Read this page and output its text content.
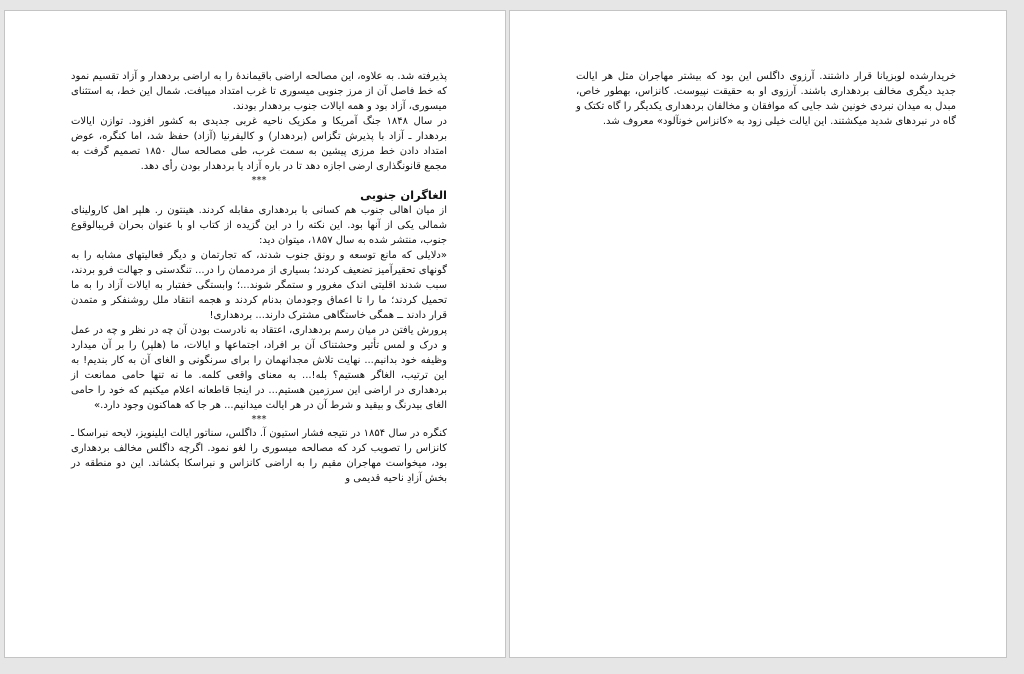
پذیرفته شد. به علاوه، این مصالحه اراضی باقیماندهٔ را به اراضی بردهدار و آزاد تقسیم نمود که خط فاصل آن از مرز جنوبی میسوری تا غرب امتداد مییافت. شمال این خط، به استثنای میسوری، آزاد بود و همه ایالات جنوب بردهدار بودند.

در سال ۱۸۴۸ جنگ آمریکا و مکزیک ناحیه غربی جدیدی به کشور افزود. توازن ایالات بردهدار ـ آزاد با پذیرش تگزاس (بردهدار) و کالیفرنیا (آزاد) حفظ شد، اما کنگره، عوض امتداد دادن خط مرزی پیشین به سمت غرب، طی مصالحه سال ۱۸۵۰ تصمیم گرفت به مجمع قانونگذاری ارضی اجازه دهد تا در باره آزاد یا بردهدار بودن رأی دهد.

***

الغاگران جنوبی

از میان اهالی جنوب هم کسانی با بردهداری مقابله کردند. هینتون ر. هلپر اهل کارولینای شمالی یکی از آنها بود. این نکته را در این گزیده از کتاب او با عنوان بحران قریبالوقوع جنوب، منتشر شده به سال ۱۸۵۷، میتوان دید:

«دلایلی که مانع توسعه و رونق جنوب شدند، که تجارتمان و دیگر فعالیتهای مشابه را به گونهای تحقیرآمیز تضعیف کردند؛ بسیاری از مردممان را در... تنگدستی و جهالت فرو بردند، سبب شدند اقلیتی اندک مغرور و ستمگر شوند...؛ وابستگی خفتبار به ایالات آزاد را به ما تحمیل کردند؛ ما را تا اعماق وجودمان بدنام کردند و هجمه انتقاد ملل روشنفکر و متمدن قرار دادند ــ همگی خاستگاهی مشترک دارند... بردهداری!

پرورش یافتن در میان رسم بردهداری، اعتقاد به نادرست بودن آن چه در نظر و چه در عمل و درک و لمس تأثیر وحشتناک آن بر افراد، اجتماعها و ایالات، ما (هلپر) را بر آن میدارد وظیفه خود بدانیم... نهایت تلاش مجدانهمان را برای سرنگونی و الغای آن به کار بندیم! به این ترتیب، الغاگر هستیم؟ بله!... به معنای واقعی کلمه. ما نه تنها حامی ممانعت از بردهداری در اراضی این سرزمین هستیم... در اینجا قاطعانه اعلام میکنیم که خود را حامی الغای بیدرنگ و بیقید و شرط آن در هر ایالت میدانیم... هر جا که هماکنون وجود دارد.»

***

کنگره در سال ۱۸۵۴ در نتیجه فشار استیون آ. داگلس، سناتور ایالت ایلینویز، لایحه نبراسکا ـ کانزاس را تصویب کرد که مصالحه میسوری را لغو نمود. اگرچه داگلس مخالف بردهداری بود، میخواست مهاجران مقیم را به اراضی کانزاس و نبراسکا بکشاند. این دو منطقه در بخش آزادِ ناحیه قدیمی و

خریدارشده لوبزیانا قرار داشتند. آرزوی داگلس این بود که بیشتر مهاجران مثل هر ایالت جدید دیگری مخالف بردهداری باشند. آرزوی او به حقیقت نپیوست. کانزاس، بهطور خاص، مبدل به میدان نبردی خونین شد جایی که موافقان و مخالفان بردهداری یکدیگر را گاه تکتک و گاه در نبردهای شدید میکشتند. این ایالت خیلی زود به «کانزاس خونآلود» معروف شد.
